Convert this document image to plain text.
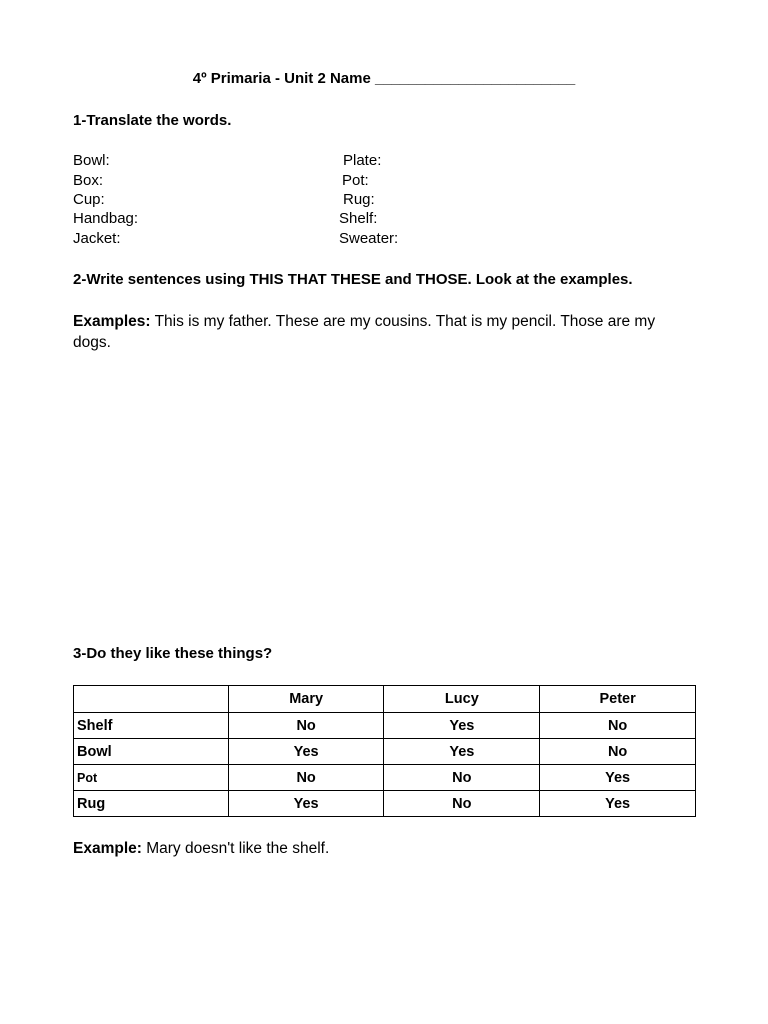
4º Primaria - Unit 2 Name ________________________
1-Translate the words.
Bowl:
Box:
Cup:
Handbag:
Jacket:
Plate:
Pot:
Rug:
Shelf:
Sweater:
2-Write sentences using THIS THAT THESE and THOSE. Look at the examples.
Examples: This is my father. These are my cousins. That is my pencil. Those are my dogs.
3-Do they like these things?
	Mary	Lucy	Peter
Shelf	No	Yes	No
Bowl	Yes	Yes	No
Pot	No	No	Yes
Rug	Yes	No	Yes
Example: Mary doesn't like the shelf.
